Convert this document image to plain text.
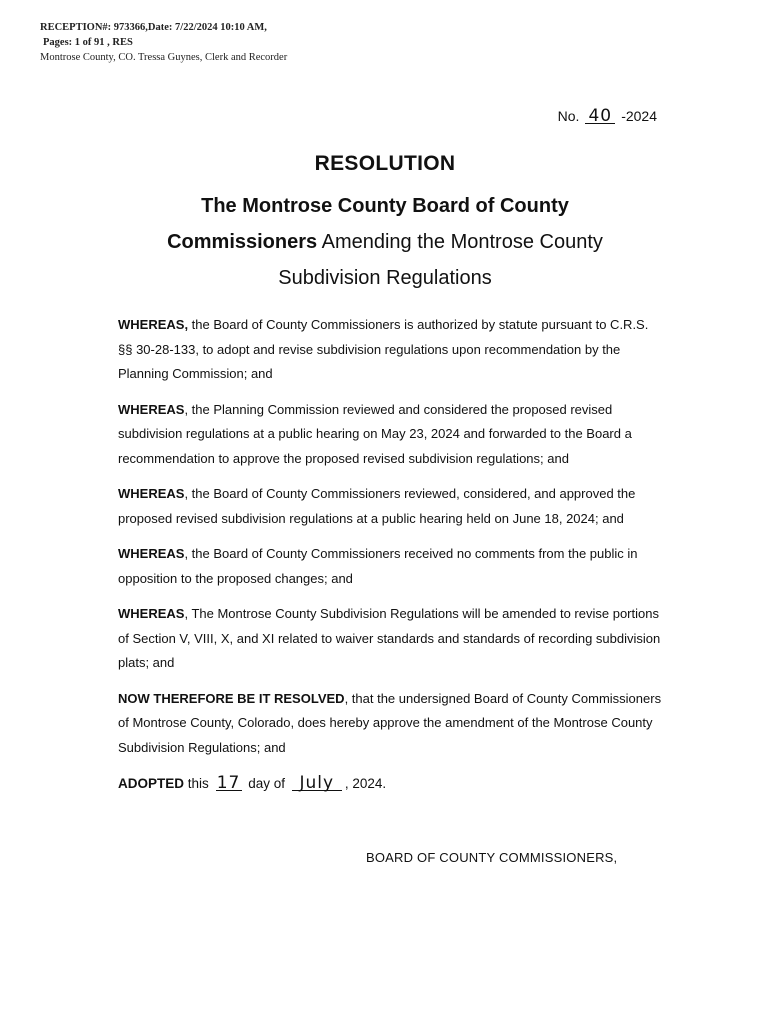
RECEPTION#: 973366,Date: 7/22/2024 10:10 AM,
Pages: 1 of 91 , RES
Montrose County, CO. Tressa Guynes, Clerk and Recorder
No. 40 -2024
RESOLUTION
The Montrose County Board of County
Commissioners Amending the Montrose County
Subdivision Regulations

WHEREAS, the Board of County Commissioners is authorized by statute pursuant to C.R.S. §§ 30-28-133, to adopt and revise subdivision regulations upon recommendation by the Planning Commission; and

WHEREAS, the Planning Commission reviewed and considered the proposed revised subdivision regulations at a public hearing on May 23, 2024 and forwarded to the Board a recommendation to approve the proposed revised subdivision regulations; and

WHEREAS, the Board of County Commissioners reviewed, considered, and approved the proposed revised subdivision regulations at a public hearing held on June 18, 2024; and

WHEREAS, the Board of County Commissioners received no comments from the public in opposition to the proposed changes; and

WHEREAS, The Montrose County Subdivision Regulations will be amended to revise portions of Section V, VIII, X, and XI related to waiver standards and standards of recording subdivision plats; and

NOW THEREFORE BE IT RESOLVED, that the undersigned Board of County Commissioners of Montrose County, Colorado, does hereby approve the amendment of the Montrose County Subdivision Regulations; and

ADOPTED this 17 day of July , 2024.
BOARD OF COUNTY COMMISSIONERS,
